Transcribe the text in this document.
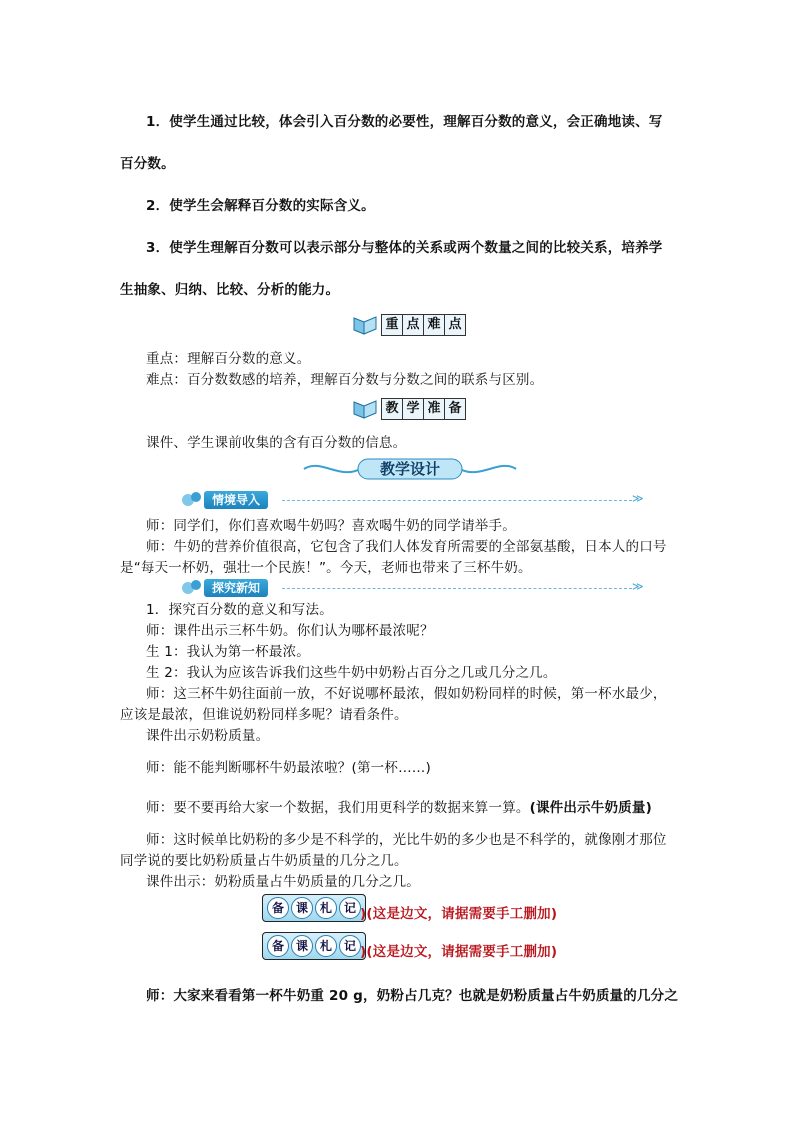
1．使学生通过比较，体会引入百分数的必要性，理解百分数的意义，会正确地读、写
百分数。
2．使学生会解释百分数的实际含义。
3．使学生理解百分数可以表示部分与整体的关系或两个数量之间的比较关系，培养学
生抽象、归纳、比较、分析的能力。
重 点 难 点
重点：理解百分数的意义。
难点：百分数数感的培养，理解百分数与分数之间的联系与区别。
教 学 准 备
课件、学生课前收集的含有百分数的信息。
教学设计
情境导入	≫
师：同学们，你们喜欢喝牛奶吗？喜欢喝牛奶的同学请举手。
师：牛奶的营养价值很高，它包含了我们人体发育所需要的全部氨基酸，日本人的口号
是“每天一杯奶，强壮一个民族！”。今天，老师也带来了三杯牛奶。
探究新知	≫
1．探究百分数的意义和写法。
师：课件出示三杯牛奶。你们认为哪杯最浓呢？
生 1：我认为第一杯最浓。
生 2：我认为应该告诉我们这些牛奶中奶粉占百分之几或几分之几。
师：这三杯牛奶往面前一放，不好说哪杯最浓，假如奶粉同样的时候，第一杯水最少，
应该是最浓，但谁说奶粉同样多呢？请看条件。
课件出示奶粉质量。
师：能不能判断哪杯牛奶最浓啦？(第一杯……)
师：要不要再给大家一个数据，我们用更科学的数据来算一算。(课件出示牛奶质量)
师：这时候单比奶粉的多少是不科学的，光比牛奶的多少也是不科学的，就像刚才那位
同学说的要比奶粉质量占牛奶质量的几分之几。
课件出示：奶粉质量占牛奶质量的几分之几。
备 课 札 记 )(这是边文，请据需要手工删加)
备 课 札 记 )(这是边文，请据需要手工删加)
师：大家来看看第一杯牛奶重 20 g，奶粉占几克？也就是奶粉质量占牛奶质量的几分之
